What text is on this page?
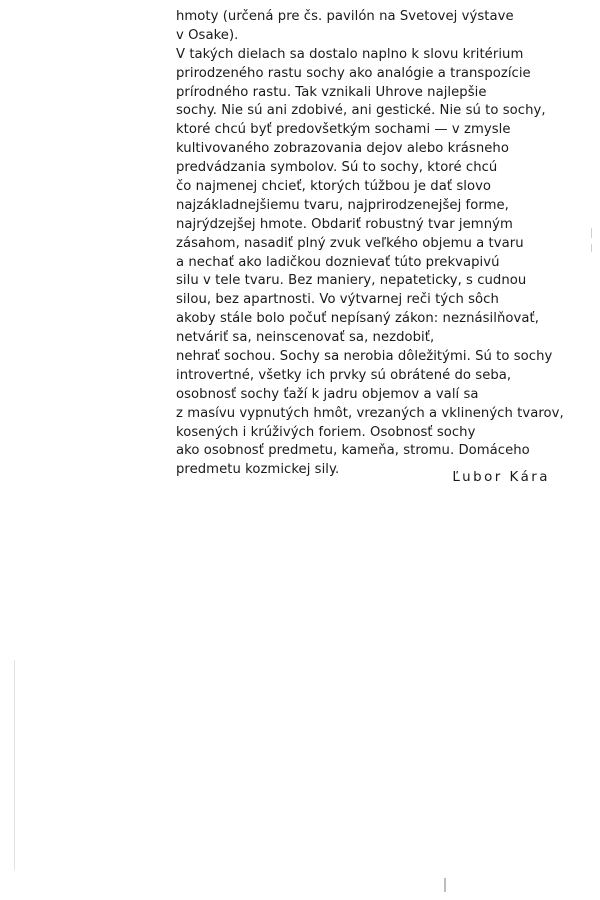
hmoty (určená pre čs. pavilón na Svetovej výstave
v Osake).
V takých dielach sa dostalo naplno k slovu kritérium
prirodzeného rastu sochy ako analógie a transpozície
prírodného rastu. Tak vznikali Uhrove najlepšie
sochy. Nie sú ani zdobivé, ani gestické. Nie sú to sochy,
ktoré chcú byť predovšetkým sochami — v zmysle
kultivovaného zobrazovania dejov alebo krásneho
predvádzania symbolov. Sú to sochy, ktoré chcú
čo najmenej chcieť, ktorých túžbou je dať slovo
najzákladnejšiemu tvaru, najprirodzenejšej forme,
najrýdzejšej hmote. Obdariť robustný tvar jemným
zásahom, nasadiť plný zvuk veľkého objemu a tvaru
a nechať ako ladičkou doznievať túto prekvapivú
silu v tele tvaru. Bez maniery, nepateticky, s cudnou
silou, bez apartnosti. Vo výtvarnej reči tých sôch
akoby stále bolo počuť nepísaný zákon: neznásilňovať,
netváriť sa, neinscenovať sa, nezdobiť,
nehrať sochou. Sochy sa nerobia dôležitými. Sú to sochy
introvertné, všetky ich prvky sú obrátené do seba,
osobnosť sochy ťaží k jadru objemov a valí sa
z masívu vypnutých hmôt, vrezaných a vklinených tvarov,
kosených i krúživých foriem. Osobnosť sochy
ako osobnosť predmetu, kameňa, stromu. Domáceho
predmetu kozmickej sily.
Ľubor Kára
